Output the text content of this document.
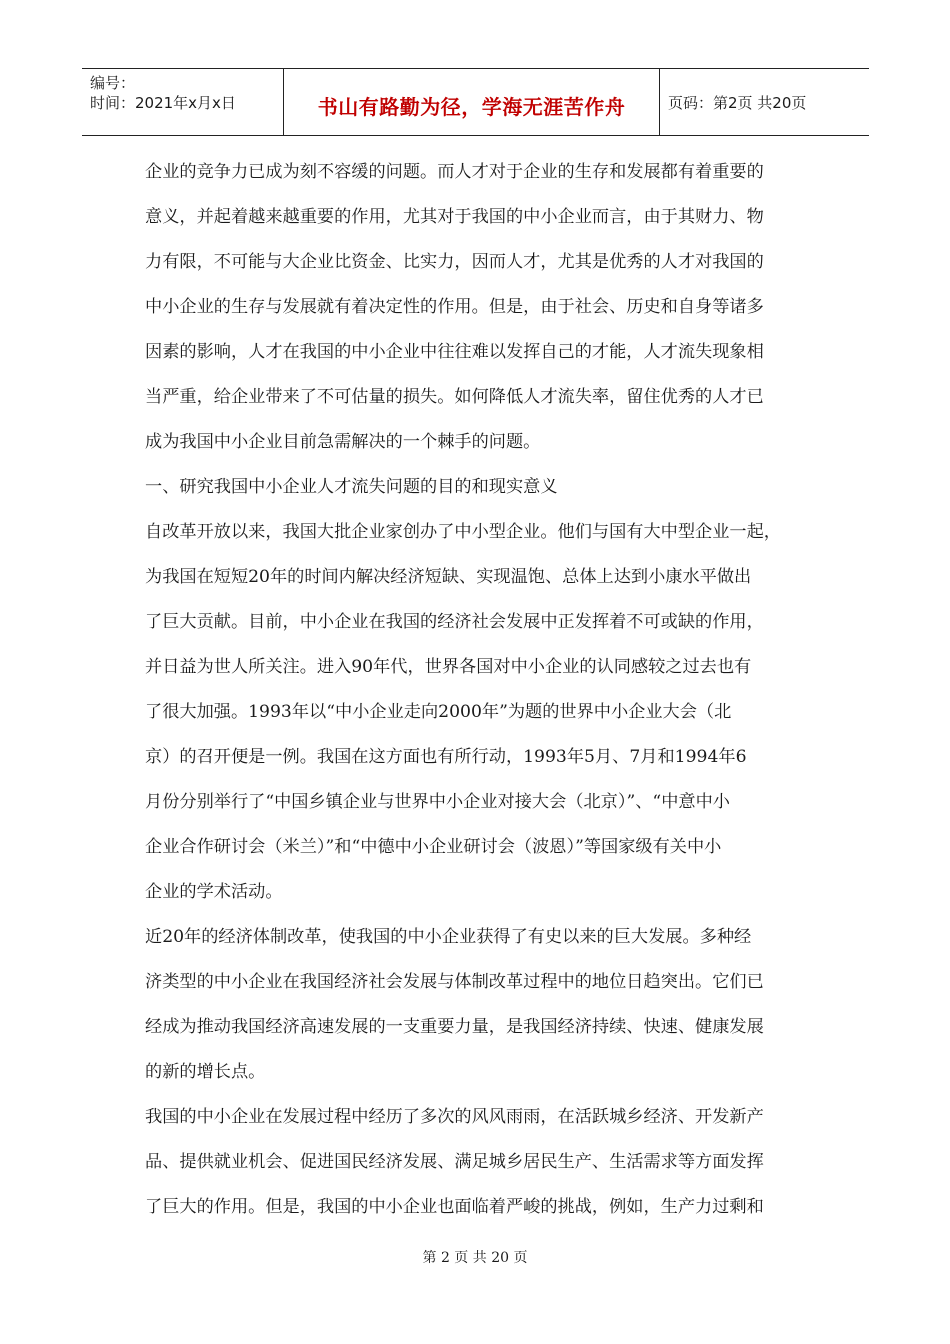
编号：
时间：2021年x月x日	书山有路勤为径，学海无涯苦作舟	页码：第2页 共20页
企业的竞争力已成为刻不容缓的问题。而人才对于企业的生存和发展都有着重要的
意义，并起着越来越重要的作用，尤其对于我国的中小企业而言，由于其财力、物
力有限，不可能与大企业比资金、比实力，因而人才，尤其是优秀的人才对我国的
中小企业的生存与发展就有着决定性的作用。但是，由于社会、历史和自身等诸多
因素的影响，人才在我国的中小企业中往往难以发挥自己的才能，人才流失现象相
当严重，给企业带来了不可估量的损失。如何降低人才流失率，留住优秀的人才已
成为我国中小企业目前急需解决的一个棘手的问题。
一、研究我国中小企业人才流失问题的目的和现实意义
自改革开放以来，我国大批企业家创办了中小型企业。他们与国有大中型企业一起，
为我国在短短20年的时间内解决经济短缺、实现温饱、总体上达到小康水平做出
了巨大贡献。目前，中小企业在我国的经济社会发展中正发挥着不可或缺的作用，
并日益为世人所关注。进入90年代，世界各国对中小企业的认同感较之过去也有
了很大加强。1993年以“中小企业走向2000年”为题的世界中小企业大会（北
京）的召开便是一例。我国在这方面也有所行动，1993年5月、7月和1994年6
月份分别举行了“中国乡镇企业与世界中小企业对接大会（北京）”、“中意中小
企业合作研讨会（米兰）”和“中德中小企业研讨会（波恩）”等国家级有关中小
企业的学术活动。
近20年的经济体制改革，使我国的中小企业获得了有史以来的巨大发展。多种经
济类型的中小企业在我国经济社会发展与体制改革过程中的地位日趋突出。它们已
经成为推动我国经济高速发展的一支重要力量，是我国经济持续、快速、健康发展
的新的增长点。
我国的中小企业在发展过程中经历了多次的风风雨雨，在活跃城乡经济、开发新产
品、提供就业机会、促进国民经济发展、满足城乡居民生产、生活需求等方面发挥
了巨大的作用。但是，我国的中小企业也面临着严峻的挑战，例如，生产力过剩和
第 2 页 共 20 页
